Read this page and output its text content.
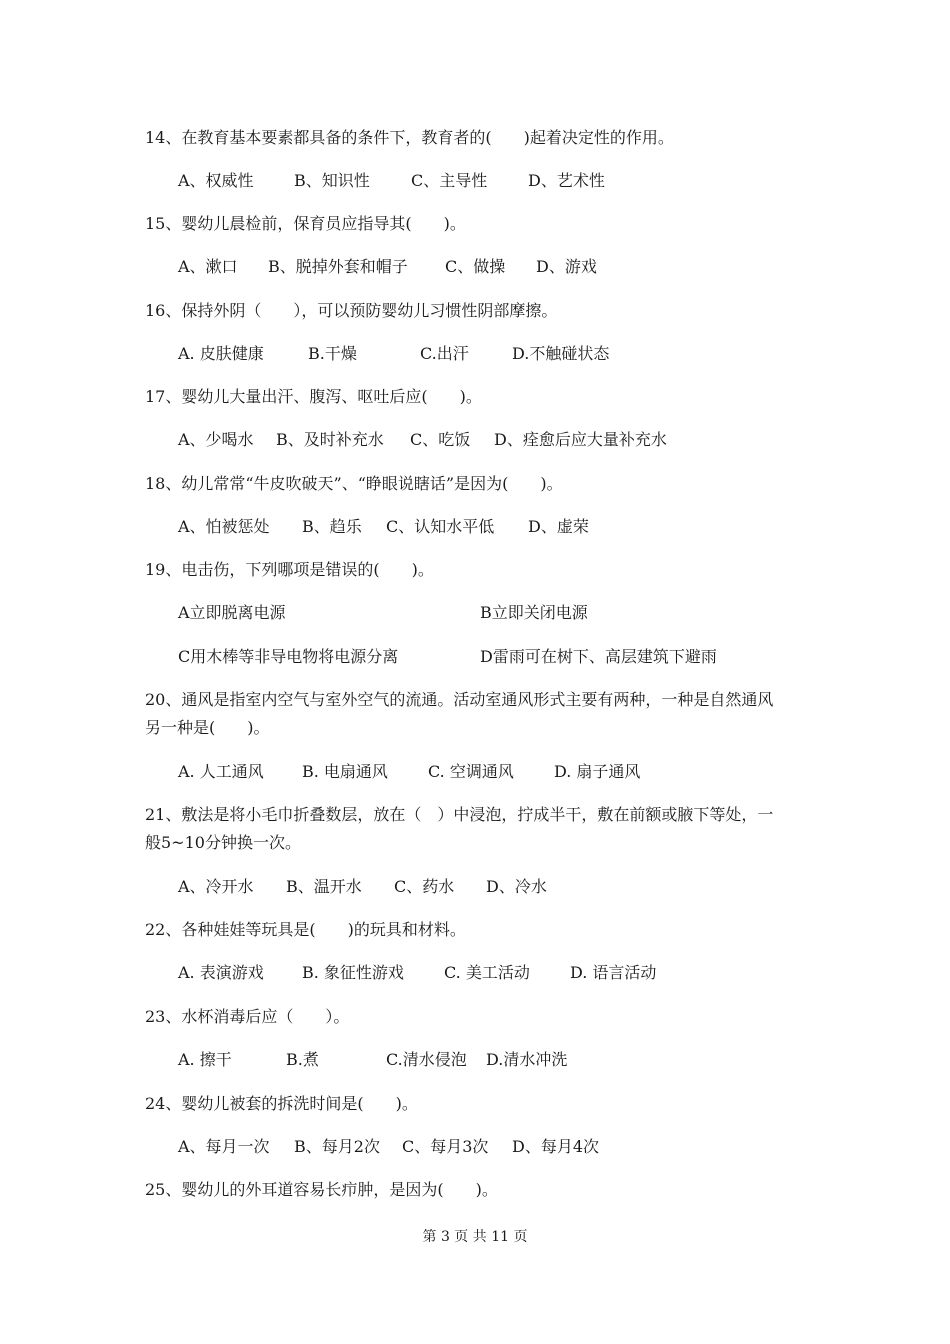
14、在教育基本要素都具备的条件下，教育者的(　　)起着决定性的作用。
A、权威性	B、知识性	C、主导性	D、艺术性
15、婴幼儿晨检前，保育员应指导其(　　)。
A、漱口 B、脱掉外套和帽子 C、做操 D、游戏
16、保持外阴（　　），可以预防婴幼儿习惯性阴部摩擦。
A. 皮肤健康	B.干燥	C.出汗	D.不触碰状态
17、婴幼儿大量出汗、腹泻、呕吐后应(　　)。
A、少喝水 B、及时补充水 C、吃饭 D、痊愈后应大量补充水
18、幼儿常常“牛皮吹破天”、“睁眼说瞎话”是因为(　　)。
A、怕被惩处 B、趋乐 C、认知水平低 D、虚荣
19、电击伤，下列哪项是错误的(　　)。
A立即脱离电源	B立即关闭电源
C用木棒等非导电物将电源分离	D雷雨可在树下、高层建筑下避雨
20、通风是指室内空气与室外空气的流通。活动室通风形式主要有两种，一种是自然通风
另一种是(　　)。
A. 人工通风 B. 电扇通风	C. 空调通风	D. 扇子通风
21、敷法是将小毛巾折叠数层，放在（　）中浸泡，拧成半干，敷在前额或腋下等处，一
般5~10分钟换一次。
A、冷开水 B、温开水 C、药水 D、冷水
22、各种娃娃等玩具是(　　)的玩具和材料。
A. 表演游戏 B. 象征性游戏	C. 美工活动	D. 语言活动
23、水杯消毒后应（　　）。
A. 擦干	B.煮	C.清水侵泡 D.清水冲洗
24、婴幼儿被套的拆洗时间是(　　)。
A、每月一次 B、每月2次 C、每月3次 D、每月4次
25、婴幼儿的外耳道容易长疖肿，是因为(　　)。
第 3 页 共 11 页
